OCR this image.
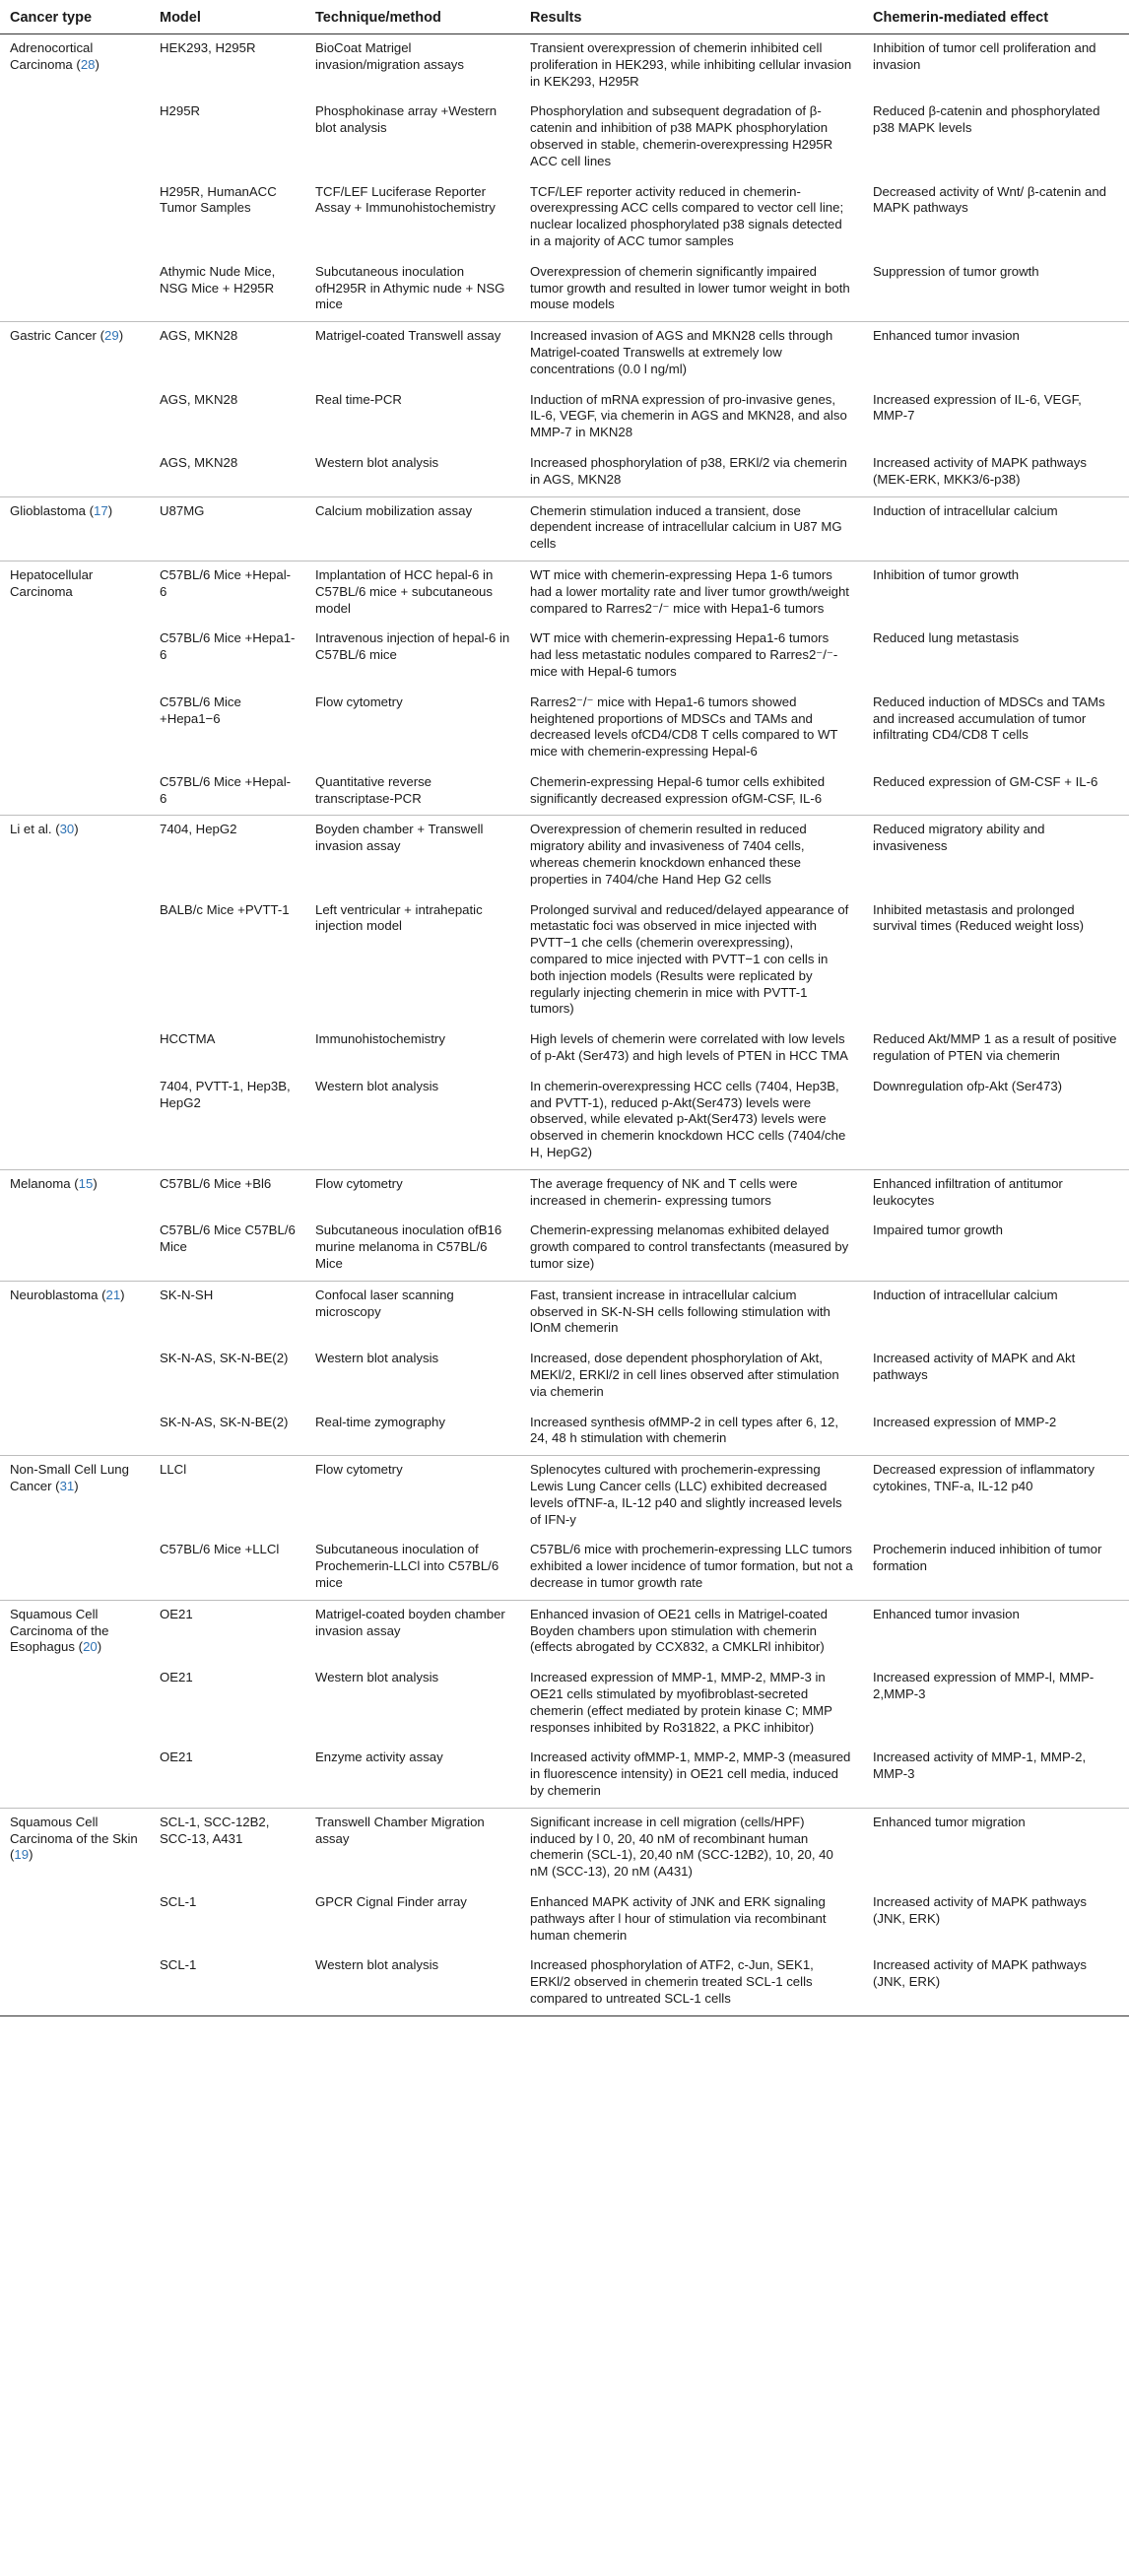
Cancer type	Model	Technique/method	Results	Chemerin-mediated effect
Adrenocortical Carcinoma (28)	HEK293, H295R	BioCoat Matrigel invasion/migration assays	Transient overexpression of chemerin inhibited cell proliferation in HEK293, while inhibiting cellular invasion in KEK293, H295R	Inhibition of tumor cell proliferation and invasion
	H295R	Phosphokinase array +Western blot analysis	Phosphorylation and subsequent degradation of β-catenin and inhibition of p38 MAPK phosphorylation observed in stable, chemerin-overexpressing H295R ACC cell lines	Reduced β-catenin and phosphorylated p38 MAPK levels
	H295R, HumanACC Tumor Samples	TCF/LEF Luciferase Reporter Assay + Immunohistochemistry	TCF/LEF reporter activity reduced in chemerin-overexpressing ACC cells compared to vector cell line; nuclear localized phosphorylated p38 signals detected in a majority of ACC tumor samples	Decreased activity of Wnt/ β-catenin and MAPK pathways
	Athymic Nude Mice, NSG Mice + H295R	Subcutaneous inoculation ofH295R in Athymic nude + NSG mice	Overexpression of chemerin significantly impaired tumor growth and resulted in lower tumor weight in both mouse models	Suppression of tumor growth
Gastric Cancer (29)	AGS, MKN28	Matrigel-coated Transwell assay	Increased invasion of AGS and MKN28 cells through Matrigel-coated Transwells at extremely low concentrations (0.0 l ng/ml)	Enhanced tumor invasion
	AGS, MKN28	Real time-PCR	Induction of mRNA expression of pro-invasive genes, IL-6, VEGF, via chemerin in AGS and MKN28, and also MMP-7 in MKN28	Increased expression of IL-6, VEGF, MMP-7
	AGS, MKN28	Western blot analysis	Increased phosphorylation of p38, ERKl/2 via chemerin in AGS, MKN28	Increased activity of MAPK pathways (MEK-ERK, MKK3/6-p38)
Glioblastoma (17)	U87MG	Calcium mobilization assay	Chemerin stimulation induced a transient, dose dependent increase of intracellular calcium in U87 MG cells	Induction of intracellular calcium
Hepatocellular Carcinoma	C57BL/6 Mice +Hepal-6	Implantation of HCC hepal-6 in C57BL/6 mice + subcutaneous model	WT mice with chemerin-expressing Hepa 1-6 tumors had a lower mortality rate and liver tumor growth/weight compared to Rarres2⁻/⁻ mice with Hepa1-6 tumors	Inhibition of tumor growth
	C57BL/6 Mice +Hepa1-6	Intravenous injection of hepal-6 in C57BL/6 mice	WT mice with chemerin-expressing Hepa1-6 tumors had less metastatic nodules compared to Rarres2⁻/⁻- mice with Hepal-6 tumors	Reduced lung metastasis
	C57BL/6 Mice +Hepa1−6	Flow cytometry	Rarres2⁻/⁻ mice with Hepa1-6 tumors showed heightened proportions of MDSCs and TAMs and decreased levels ofCD4/CD8 T cells compared to WT mice with chemerin-expressing Hepal-6	Reduced induction of MDSCs and TAMs and increased accumulation of tumor infiltrating CD4/CD8 T cells
	C57BL/6 Mice +Hepal-6	Quantitative reverse transcriptase-PCR	Chemerin-expressing Hepal-6 tumor cells exhibited significantly decreased expression ofGM-CSF, IL-6	Reduced expression of GM-CSF + IL-6
Li et al. (30)	7404, HepG2	Boyden chamber + Transwell invasion assay	Overexpression of chemerin resulted in reduced migratory ability and invasiveness of 7404 cells, whereas chemerin knockdown enhanced these properties in 7404/che Hand Hep G2 cells	Reduced migratory ability and invasiveness
	BALB/c Mice +PVTT-1	Left ventricular + intrahepatic injection model	Prolonged survival and reduced/delayed appearance of metastatic foci was observed in mice injected with PVTT−1 che cells (chemerin overexpressing), compared to mice injected with PVTT−1 con cells in both injection models (Results were replicated by regularly injecting chemerin in mice with PVTT-1 tumors)	Inhibited metastasis and prolonged survival times (Reduced weight loss)
	HCCTMA	Immunohistochemistry	High levels of chemerin were correlated with low levels of p-Akt (Ser473) and high levels of PTEN in HCC TMA	Reduced Akt/MMP 1 as a result of positive regulation of PTEN via chemerin
	7404, PVTT-1, Hep3B, HepG2	Western blot analysis	In chemerin-overexpressing HCC cells (7404, Hep3B, and PVTT-1), reduced p-Akt(Ser473) levels were observed, while elevated p-Akt(Ser473) levels were observed in chemerin knockdown HCC cells (7404/che H, HepG2)	Downregulation ofp-Akt (Ser473)
Melanoma (15)	C57BL/6 Mice +Bl6	Flow cytometry	The average frequency of NK and T cells were increased in chemerin- expressing tumors	Enhanced infiltration of antitumor leukocytes
	C57BL/6 Mice C57BL/6 Mice	Subcutaneous inoculation ofB16 murine melanoma in C57BL/6 Mice	Chemerin-expressing melanomas exhibited delayed growth compared to control transfectants (measured by tumor size)	Impaired tumor growth
Neuroblastoma (21)	SK-N-SH	Confocal laser scanning microscopy	Fast, transient increase in intracellular calcium observed in SK-N-SH cells following stimulation with lOnM chemerin	Induction of intracellular calcium
	SK-N-AS, SK-N-BE(2)	Western blot analysis	Increased, dose dependent phosphorylation of Akt, MEKl/2, ERKl/2 in cell lines observed after stimulation via chemerin	Increased activity of MAPK and Akt pathways
	SK-N-AS, SK-N-BE(2)	Real-time zymography	Increased synthesis ofMMP-2 in cell types after 6, 12, 24, 48 h stimulation with chemerin	Increased expression of MMP-2
Non-Small Cell Lung Cancer (31)	LLCl	Flow cytometry	Splenocytes cultured with prochemerin-expressing Lewis Lung Cancer cells (LLC) exhibited decreased levels ofTNF-a, IL-12 p40 and slightly increased levels of IFN-y	Decreased expression of inflammatory cytokines, TNF-a, IL-12 p40
	C57BL/6 Mice +LLCl	Subcutaneous inoculation of Prochemerin-LLCl into C57BL/6 mice	C57BL/6 mice with prochemerin-expressing LLC tumors exhibited a lower incidence of tumor formation, but not a decrease in tumor growth rate	Prochemerin induced inhibition of tumor formation
Squamous Cell Carcinoma of the Esophagus (20)	OE21	Matrigel-coated boyden chamber invasion assay	Enhanced invasion of OE21 cells in Matrigel-coated Boyden chambers upon stimulation with chemerin (effects abrogated by CCX832, a CMKLRl inhibitor)	Enhanced tumor invasion
	OE21	Western blot analysis	Increased expression of MMP-1, MMP-2, MMP-3 in OE21 cells stimulated by myofibroblast-secreted chemerin (effect mediated by protein kinase C; MMP responses inhibited by Ro31822, a PKC inhibitor)	Increased expression of MMP-l, MMP-2,MMP-3
	OE21	Enzyme activity assay	Increased activity ofMMP-1, MMP-2, MMP-3 (measured in fluorescence intensity) in OE21 cell media, induced by chemerin	Increased activity of MMP-1, MMP-2, MMP-3
Squamous Cell Carcinoma of the Skin (19)	SCL-1, SCC-12B2, SCC-13, A431	Transwell Chamber Migration assay	Significant increase in cell migration (cells/HPF) induced by l 0, 20, 40 nM of recombinant human chemerin (SCL-1), 20,40 nM (SCC-12B2), 10, 20, 40 nM (SCC-13), 20 nM (A431)	Enhanced tumor migration
	SCL-1	GPCR Cignal Finder array	Enhanced MAPK activity of JNK and ERK signaling pathways after l hour of stimulation via recombinant human chemerin	Increased activity of MAPK pathways (JNK, ERK)
	SCL-1	Western blot analysis	Increased phosphorylation of ATF2, c-Jun, SEK1, ERKl/2 observed in chemerin treated SCL-1 cells compared to untreated SCL-1 cells	Increased activity of MAPK pathways (JNK, ERK)
